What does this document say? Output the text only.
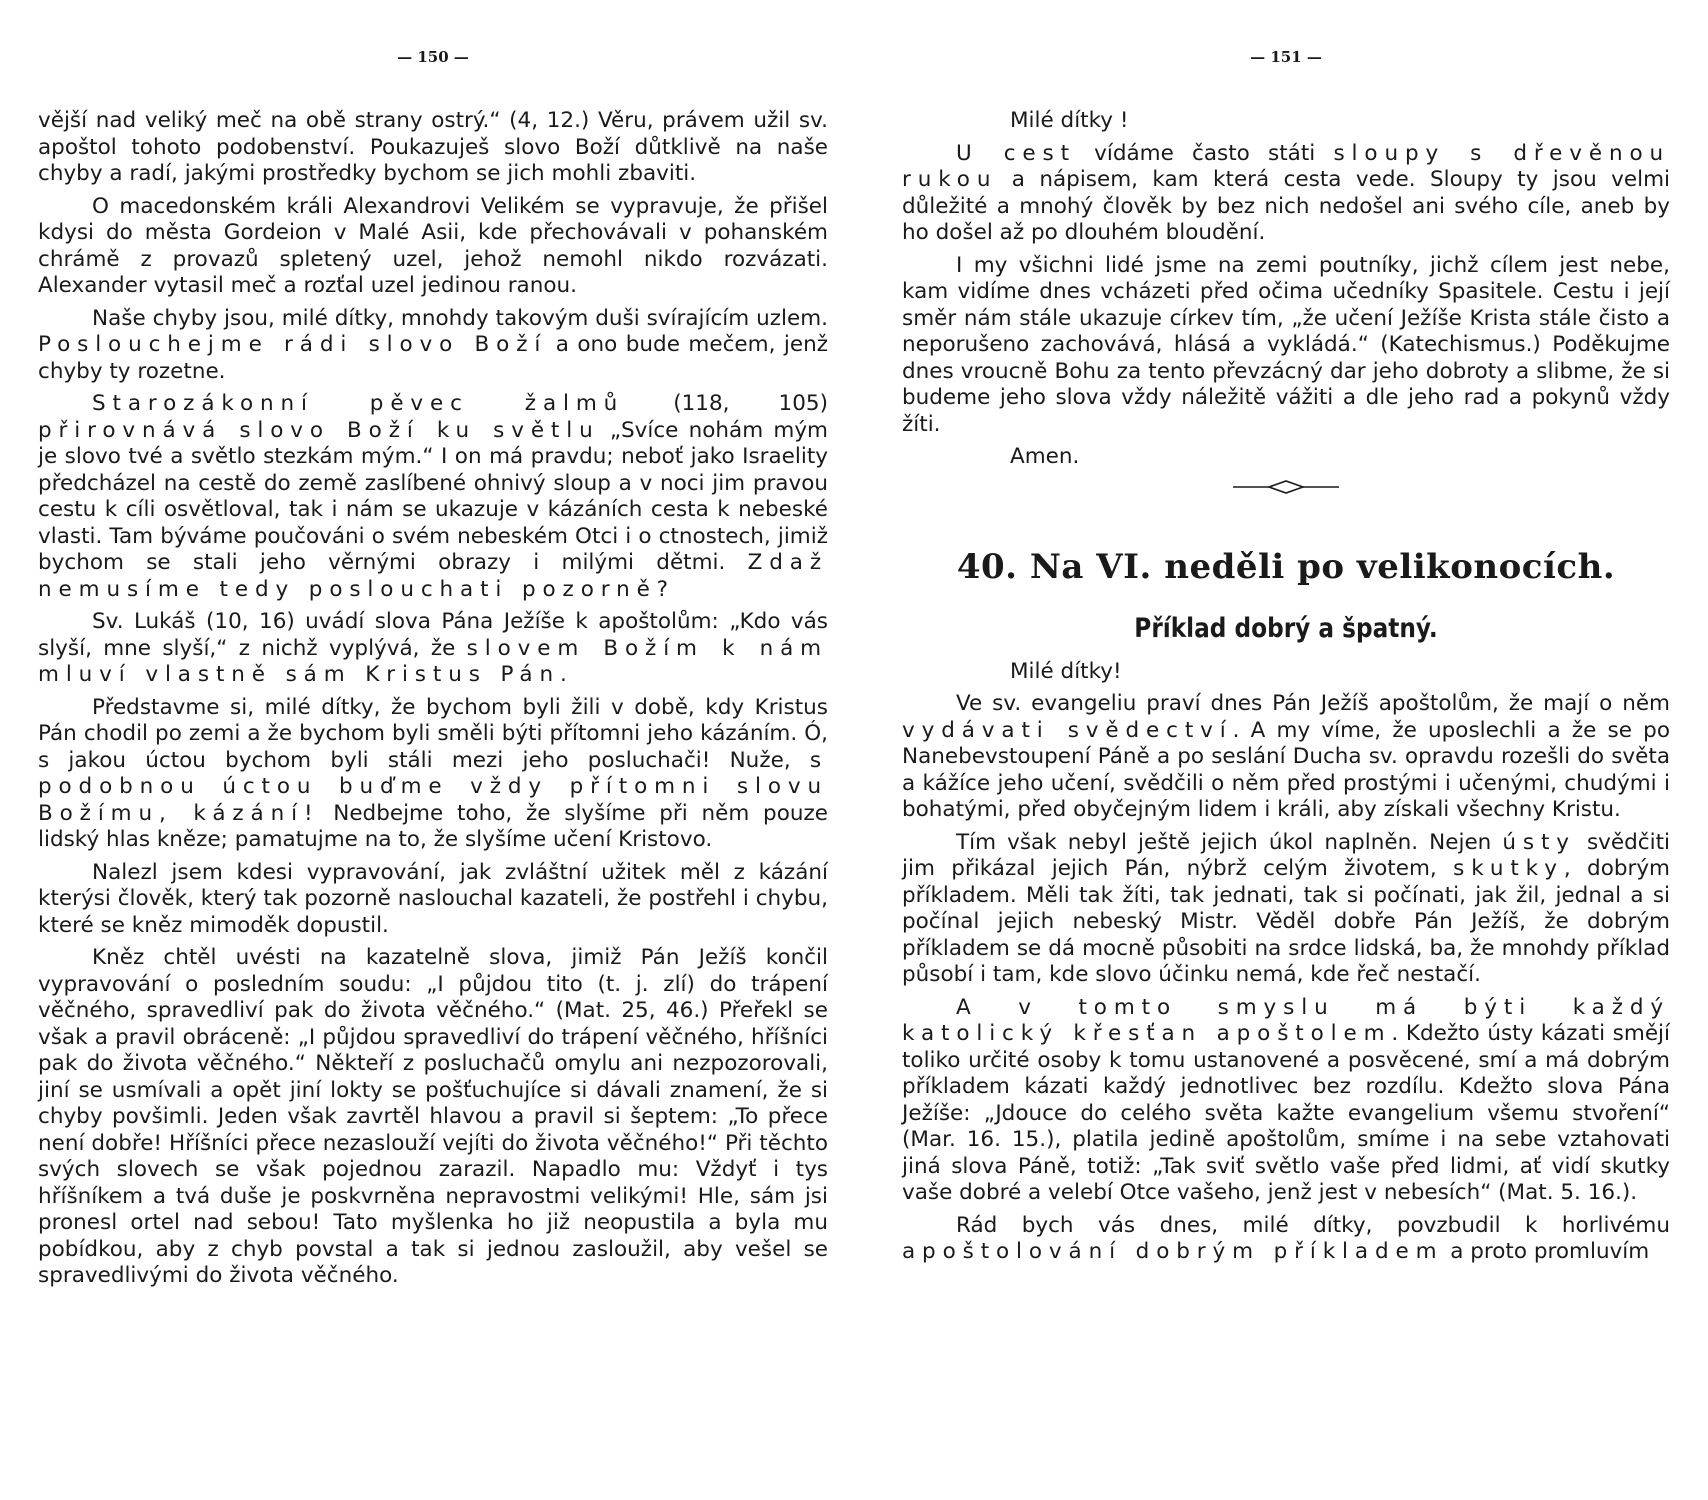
— 150 —

vější nad veliký meč na obě strany ostrý.“ (4, 12.) Věru, právem užil sv. apoštol tohoto podobenství. Poukazuješ slovo Boží důtklivě na naše chyby a radí, jakými prostředky bychom se jich mohli zbaviti.

O macedonském králi Alexandrovi Velikém se vypravuje, že přišel kdysi do města Gordeion v Malé Asii, kde přechovávali v pohanském chrámě z provazů spletený uzel, jehož nemohl nikdo rozvázati. Alexander vytasil meč a rozťal uzel jedinou ranou.

Naše chyby jsou, milé dítky, mnohdy takovým duši svírajícím uzlem. Poslouchejme rádi slovo Boží a ono bude mečem, jenž chyby ty rozetne.

Starozákonní pěvec žalmů (118, 105) přirovnává slovo Boží ku světlu „Svíce nohám mým je slovo tvé a světlo stezkám mým.“ I on má pravdu; neboť jako Israelity předcházel na cestě do země zaslíbené ohnivý sloup a v noci jim pravou cestu k cíli osvětloval, tak i nám se ukazuje v kázáních cesta k nebeské vlasti. Tam býváme poučováni o svém nebeském Otci i o ctnostech, jimiž bychom se stali jeho věrnými obrazy i milými dětmi. Zdaž nemusíme tedy poslouchati pozorně?

Sv. Lukáš (10, 16) uvádí slova Pána Ježíše k apoštolům: „Kdo vás slyší, mne slyší,“ z nichž vyplývá, že slovem Božím k nám mluví vlastně sám Kristus Pán.

Představme si, milé dítky, že bychom byli žili v době, kdy Kristus Pán chodil po zemi a že bychom byli směli býti přítomni jeho kázáním. Ó, s jakou úctou bychom byli stáli mezi jeho posluchači! Nuže, s podobnou úctou buďme vždy přítomni slovu Božímu, kázání! Nedbejme toho, že slyšíme při něm pouze lidský hlas kněze; pamatujme na to, že slyšíme učení Kristovo.

Nalezl jsem kdesi vypravování, jak zvláštní užitek měl z kázání kterýsi člověk, který tak pozorně naslouchal kazateli, že postřehl i chybu, které se kněz mimoděk dopustil.

Kněz chtěl uvésti na kazatelně slova, jimiž Pán Ježíš končil vypravování o posledním soudu: „I půjdou tito (t. j. zlí) do trápení věčného, spravedliví pak do života věčného.“ (Mat. 25, 46.) Přeřekl se však a pravil obráceně: „I půjdou spravedliví do trápení věčného, hříšníci pak do života věčného.“ Někteří z posluchačů omylu ani nezpozorovali, jiní se usmívali a opět jiní lokty se pošťuchujíce si dávali znamení, že si chyby povšimli. Jeden však zavrtěl hlavou a pravil si šeptem: „To přece není dobře! Hříšníci přece nezaslouží vejíti do života věčného!“ Při těchto svých slovech se však pojednou zarazil. Napadlo mu: Vždyť i tys hříšníkem a tvá duše je poskvrněna nepravostmi velikými! Hle, sám jsi pronesl ortel nad sebou! Tato myšlenka ho již neopustila a byla mu pobídkou, aby z chyb povstal a tak si jednou zasloužil, aby vešel se spravedlivými do života věčného.

— 151 —

Milé dítky !

U cest vídáme často státi sloupy s dřevěnou rukou a nápisem, kam která cesta vede. Sloupy ty jsou velmi důležité a mnohý člověk by bez nich nedošel ani svého cíle, aneb by ho došel až po dlouhém bloudění.

I my všichni lidé jsme na zemi poutníky, jichž cílem jest nebe, kam vidíme dnes vcházeti před očima učedníky Spasitele. Cestu i její směr nám stále ukazuje církev tím, „že učení Ježíše Krista stále čisto a neporušeno zachovává, hlásá a vykládá.“ (Katechismus.) Poděkujme dnes vroucně Bohu za tento převzácný dar jeho dobroty a slibme, že si budeme jeho slova vždy náležitě vážiti a dle jeho rad a pokynů vždy žíti.

Amen.

40. Na VI. neděli po velikonocích.
Příklad dobrý a špatný.

Milé dítky!

Ve sv. evangeliu praví dnes Pán Ježíš apoštolům, že mají o něm vydávati svědectví. A my víme, že uposlechli a že se po Nanebevstoupení Páně a po seslání Ducha sv. opravdu rozešli do světa a kážíce jeho učení, svědčili o něm před prostými i učenými, chudými i bohatými, před obyčejným lidem i králi, aby získali všechny Kristu.

Tím však nebyl ještě jejich úkol naplněn. Nejen ústy svědčiti jim přikázal jejich Pán, nýbrž celým životem, skutky, dobrým příkladem. Měli tak žíti, tak jednati, tak si počínati, jak žil, jednal a si počínal jejich nebeský Mistr. Věděl dobře Pán Ježíš, že dobrým příkladem se dá mocně působiti na srdce lidská, ba, že mnohdy příklad působí i tam, kde slovo účinku nemá, kde řeč nestačí.

A v tomto smyslu má býti každý katolický křesťan apoštolem. Kdežto ústy kázati smějí toliko určité osoby k tomu ustanovené a posvěcené, smí a má dobrým příkladem kázati každý jednotlivec bez rozdílu. Kdežto slova Pána Ježíše: „Jdouce do celého světa kažte evangelium všemu stvoření“ (Mar. 16. 15.), platila jedině apoštolům, smíme i na sebe vztahovati jiná slova Páně, totiž: „Tak sviť světlo vaše před lidmi, ať vidí skutky vaše dobré a velebí Otce vašeho, jenž jest v nebesích“ (Mat. 5. 16.).

Rád bych vás dnes, milé dítky, povzbudil k horlivému apoštolování dobrým příkladem a proto promluvím
